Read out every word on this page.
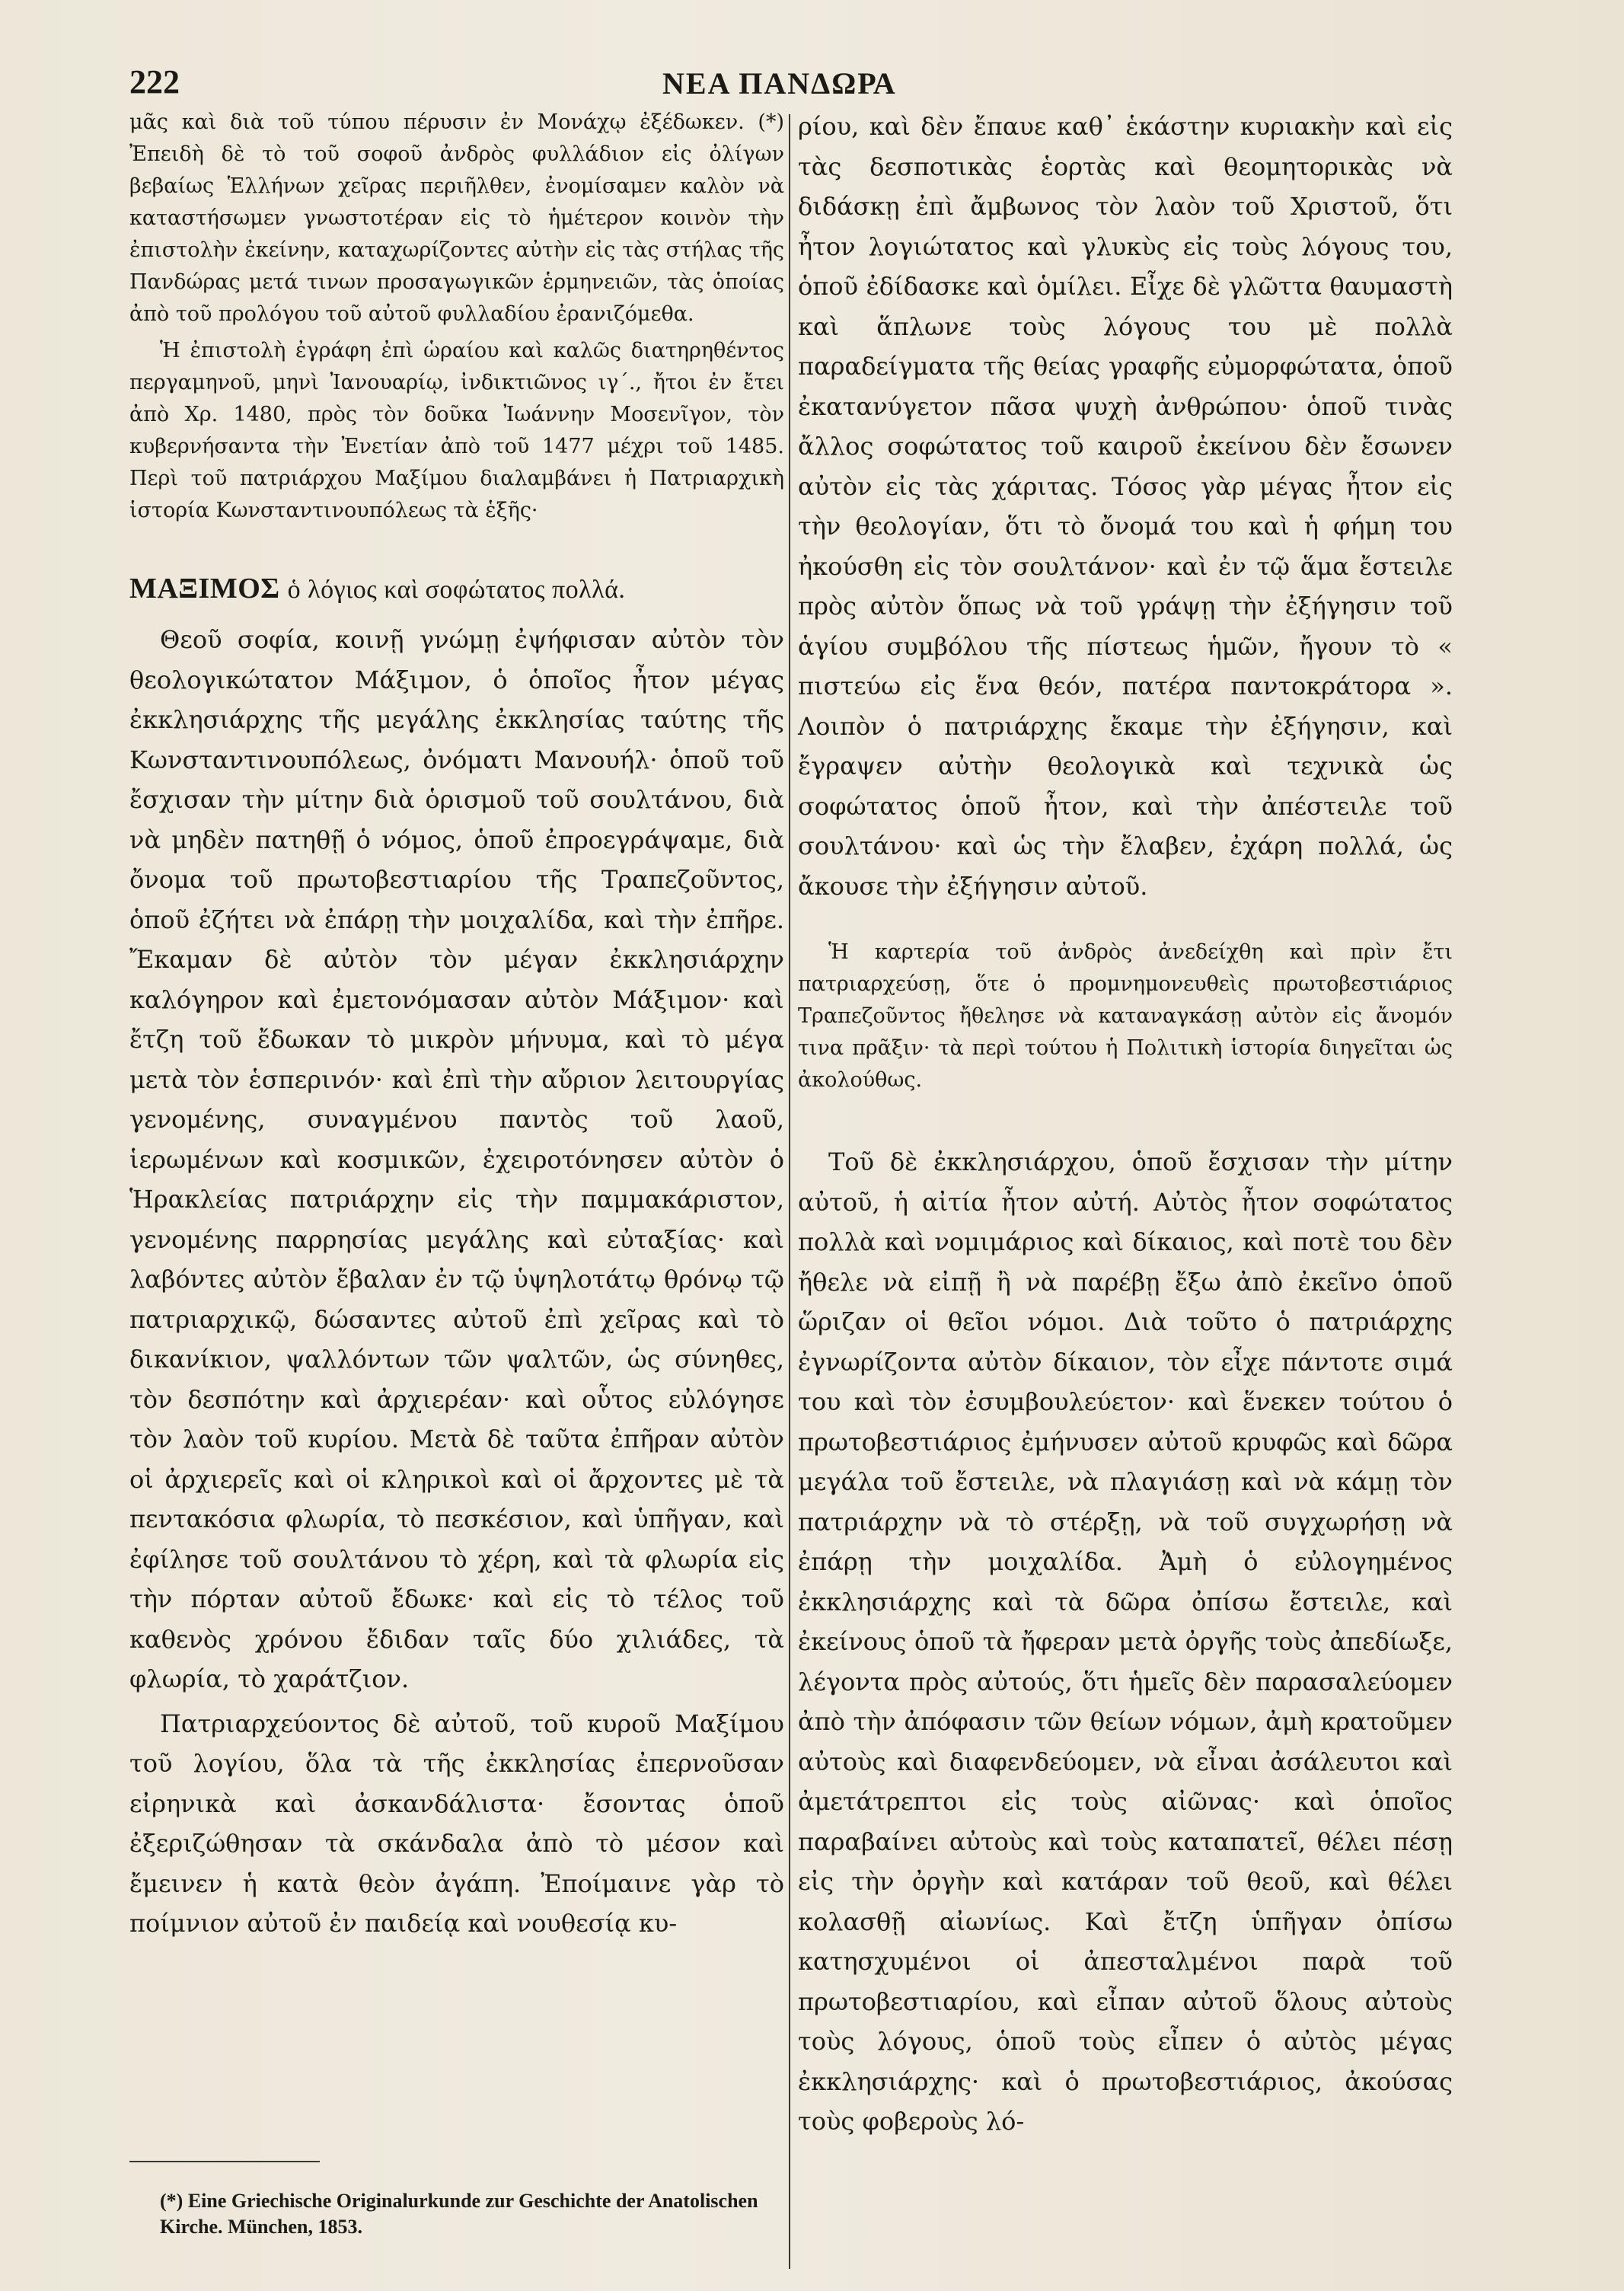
222	ΝΕΑ ΠΑΝΔΩΡΑ

μᾶς καὶ διὰ τοῦ τύπου πέρυσιν ἐν Μονάχῳ ἐξέδωκεν. (*) Ἐπειδὴ δὲ τὸ τοῦ σοφοῦ ἀνδρὸς φυλλάδιον εἰς ὀλίγων βεβαίως Ἑλλήνων χεῖρας περιῆλθεν, ἐνομίσαμεν καλὸν νὰ καταστήσωμεν γνωστοτέραν εἰς τὸ ἡμέτερον κοινὸν τὴν ἐπιστολὴν ἐκείνην, καταχωρίζοντες αὐτὴν εἰς τὰς στήλας τῆς Πανδώρας μετά τινων προσαγωγικῶν ἑρμηνειῶν, τὰς ὁποίας ἀπὸ τοῦ προλόγου τοῦ αὐτοῦ φυλλαδίου ἐρανιζόμεθα.

Ἡ ἐπιστολὴ ἐγράφη ἐπὶ ὡραίου καὶ καλῶς διατηρηθέντος περγαμηνοῦ, μηνὶ Ἰανουαρίῳ, ἰνδικτιῶνος ιγ΄., ἤτοι ἐν ἔτει ἀπὸ Χρ. 1480, πρὸς τὸν δοῦκα Ἰωάννην Μοσενῖγον, τὸν κυβερνήσαντα τὴν Ἐνετίαν ἀπὸ τοῦ 1477 μέχρι τοῦ 1485. Περὶ τοῦ πατριάρχου Μαξίμου διαλαμβάνει ἡ Πατριαρχικὴ ἱστορία Κωνσταντινουπόλεως τὰ ἑξῆς·

ΜΑΞΙΜΟΣ ὁ λόγιος καὶ σοφώτατος πολλά.

Θεοῦ σοφία, κοινῇ γνώμῃ ἐψήφισαν αὐτὸν τὸν θεολογικώτατον Μάξιμον, ὁ ὁποῖος ἦτον μέγας ἐκκλησιάρχης τῆς μεγάλης ἐκκλησίας ταύτης τῆς Κωνσταντινουπόλεως, ὀνόματι Μανουήλ· ὁποῦ τοῦ ἔσχισαν τὴν μίτην διὰ ὁρισμοῦ τοῦ σουλτάνου, διὰ νὰ μηδὲν πατηθῇ ὁ νόμος, ὁποῦ ἐπροεγράψαμε, διὰ ὄνομα τοῦ πρωτοβεστιαρίου τῆς Τραπεζοῦντος, ὁποῦ ἐζήτει νὰ ἐπάρῃ τὴν μοιχαλίδα, καὶ τὴν ἐπῆρε. Ἔκαμαν δὲ αὐτὸν τὸν μέγαν ἐκκλησιάρχην καλόγηρον καὶ ἐμετονόμασαν αὐτὸν Μάξιμον· καὶ ἔτζη τοῦ ἔδωκαν τὸ μικρὸν μήνυμα, καὶ τὸ μέγα μετὰ τὸν ἑσπερινόν· καὶ ἐπὶ τὴν αὔριον λειτουργίας γενομένης, συναγμένου παντὸς τοῦ λαοῦ, ἱερωμένων καὶ κοσμικῶν, ἐχειροτόνησεν αὐτὸν ὁ Ἡρακλείας πατριάρχην εἰς τὴν παμμακάριστον, γενομένης παρρησίας μεγάλης καὶ εὐταξίας· καὶ λαβόντες αὐτὸν ἔβαλαν ἐν τῷ ὑψηλοτάτῳ θρόνῳ τῷ πατριαρχικῷ, δώσαντες αὐτοῦ ἐπὶ χεῖρας καὶ τὸ δικανίκιον, ψαλλόντων τῶν ψαλτῶν, ὡς σύνηθες, τὸν δεσπότην καὶ ἀρχιερέαν· καὶ οὗτος εὐλόγησε τὸν λαὸν τοῦ κυρίου. Μετὰ δὲ ταῦτα ἐπῆραν αὐτὸν οἱ ἀρχιερεῖς καὶ οἱ κληρικοὶ καὶ οἱ ἄρχοντες μὲ τὰ πεντακόσια φλωρία, τὸ πεσκέσιον, καὶ ὑπῆγαν, καὶ ἐφίλησε τοῦ σουλτάνου τὸ χέρη, καὶ τὰ φλωρία εἰς τὴν πόρταν αὐτοῦ ἔδωκε· καὶ εἰς τὸ τέλος τοῦ καθενὸς χρόνου ἔδιδαν ταῖς δύο χιλιάδες, τὰ φλωρία, τὸ χαράτζιον.

Πατριαρχεύοντος δὲ αὐτοῦ, τοῦ κυροῦ Μαξίμου τοῦ λογίου, ὅλα τὰ τῆς ἐκκλησίας ἐπερνοῦσαν εἰρηνικὰ καὶ ἀσκανδάλιστα· ἔσοντας ὁποῦ ἐξεριζώθησαν τὰ σκάνδαλα ἀπὸ τὸ μέσον καὶ ἔμεινεν ἡ κατὰ θεὸν ἀγάπη. Ἐποίμαινε γὰρ τὸ ποίμνιον αὐτοῦ ἐν παιδείᾳ καὶ νουθεσίᾳ κυ-

ρίου, καὶ δὲν ἔπαυε καθ᾽ ἑκάστην κυριακὴν καὶ εἰς τὰς δεσποτικὰς ἑορτὰς καὶ θεομητορικὰς νὰ διδάσκῃ ἐπὶ ἄμβωνος τὸν λαὸν τοῦ Χριστοῦ, ὅτι ἦτον λογιώτατος καὶ γλυκὺς εἰς τοὺς λόγους του, ὁποῦ ἐδίδασκε καὶ ὁμίλει. Εἶχε δὲ γλῶττα θαυμαστὴ καὶ ἅπλωνε τοὺς λόγους του μὲ πολλὰ παραδείγματα τῆς θείας γραφῆς εὐμορφώτατα, ὁποῦ ἐκατανύγετον πᾶσα ψυχὴ ἀνθρώπου· ὁποῦ τινὰς ἄλλος σοφώτατος τοῦ καιροῦ ἐκείνου δὲν ἔσωνεν αὐτὸν εἰς τὰς χάριτας. Τόσος γὰρ μέγας ἦτον εἰς τὴν θεολογίαν, ὅτι τὸ ὄνομά του καὶ ἡ φήμη του ἠκούσθη εἰς τὸν σουλτάνον· καὶ ἐν τῷ ἅμα ἔστειλε πρὸς αὐτὸν ὅπως νὰ τοῦ γράψῃ τὴν ἐξήγησιν τοῦ ἁγίου συμβόλου τῆς πίστεως ἡμῶν, ἤγουν τὸ « πιστεύω εἰς ἕνα θεόν, πατέρα παντοκράτορα ». Λοιπὸν ὁ πατριάρχης ἔκαμε τὴν ἐξήγησιν, καὶ ἔγραψεν αὐτὴν θεολογικὰ καὶ τεχνικὰ ὡς σοφώτατος ὁποῦ ἦτον, καὶ τὴν ἀπέστειλε τοῦ σουλτάνου· καὶ ὡς τὴν ἔλαβεν, ἐχάρη πολλά, ὡς ἄκουσε τὴν ἐξήγησιν αὐτοῦ.

Ἡ καρτερία τοῦ ἀνδρὸς ἀνεδείχθη καὶ πρὶν ἔτι πατριαρχεύσῃ, ὅτε ὁ προμνημονευθεὶς πρωτοβεστιάριος Τραπεζοῦντος ἤθελησε νὰ καταναγκάσῃ αὐτὸν εἰς ἄνομόν τινα πρᾶξιν· τὰ περὶ τούτου ἡ Πολιτικὴ ἱστορία διηγεῖται ὡς ἀκολούθως.

Τοῦ δὲ ἐκκλησιάρχου, ὁποῦ ἔσχισαν τὴν μίτην αὐτοῦ, ἡ αἰτία ἦτον αὐτή. Αὐτὸς ἦτον σοφώτατος πολλὰ καὶ νομιμάριος καὶ δίκαιος, καὶ ποτὲ του δὲν ἤθελε νὰ εἰπῇ ἢ νὰ παρέβῃ ἔξω ἀπὸ ἐκεῖνο ὁποῦ ὥριζαν οἱ θεῖοι νόμοι. Διὰ τοῦτο ὁ πατριάρχης ἐγνωρίζοντα αὐτὸν δίκαιον, τὸν εἶχε πάντοτε σιμά του καὶ τὸν ἐσυμβουλεύετον· καὶ ἕνεκεν τούτου ὁ πρωτοβεστιάριος ἐμήνυσεν αὐτοῦ κρυφῶς καὶ δῶρα μεγάλα τοῦ ἔστειλε, νὰ πλαγιάσῃ καὶ νὰ κάμῃ τὸν πατριάρχην νὰ τὸ στέρξῃ, νὰ τοῦ συγχωρήσῃ νὰ ἐπάρῃ τὴν μοιχαλίδα. Ἀμὴ ὁ εὐλογημένος ἐκκλησιάρχης καὶ τὰ δῶρα ὀπίσω ἔστειλε, καὶ ἐκείνους ὁποῦ τὰ ἤφεραν μετὰ ὀργῆς τοὺς ἀπεδίωξε, λέγοντα πρὸς αὐτούς, ὅτι ἡμεῖς δὲν παρασαλεύομεν ἀπὸ τὴν ἀπόφασιν τῶν θείων νόμων, ἀμὴ κρατοῦμεν αὐτοὺς καὶ διαφενδεύομεν, νὰ εἶναι ἀσάλευτοι καὶ ἀμετάτρεπτοι εἰς τοὺς αἰῶνας· καὶ ὁποῖος παραβαίνει αὐτοὺς καὶ τοὺς καταπατεῖ, θέλει πέσῃ εἰς τὴν ὀργὴν καὶ κατάραν τοῦ θεοῦ, καὶ θέλει κολασθῇ αἰωνίως. Καὶ ἔτζη ὑπῆγαν ὀπίσω κατησχυμένοι οἱ ἀπεσταλμένοι παρὰ τοῦ πρωτοβεστιαρίου, καὶ εἶπαν αὐτοῦ ὅλους αὐτοὺς τοὺς λόγους, ὁποῦ τοὺς εἶπεν ὁ αὐτὸς μέγας ἐκκλησιάρχης· καὶ ὁ πρωτοβεστιάριος, ἀκούσας τοὺς φοβεροὺς λό-

(*) Eine Griechische Originalurkunde zur Geschichte der Anatolischen Kirche. München, 1853.
